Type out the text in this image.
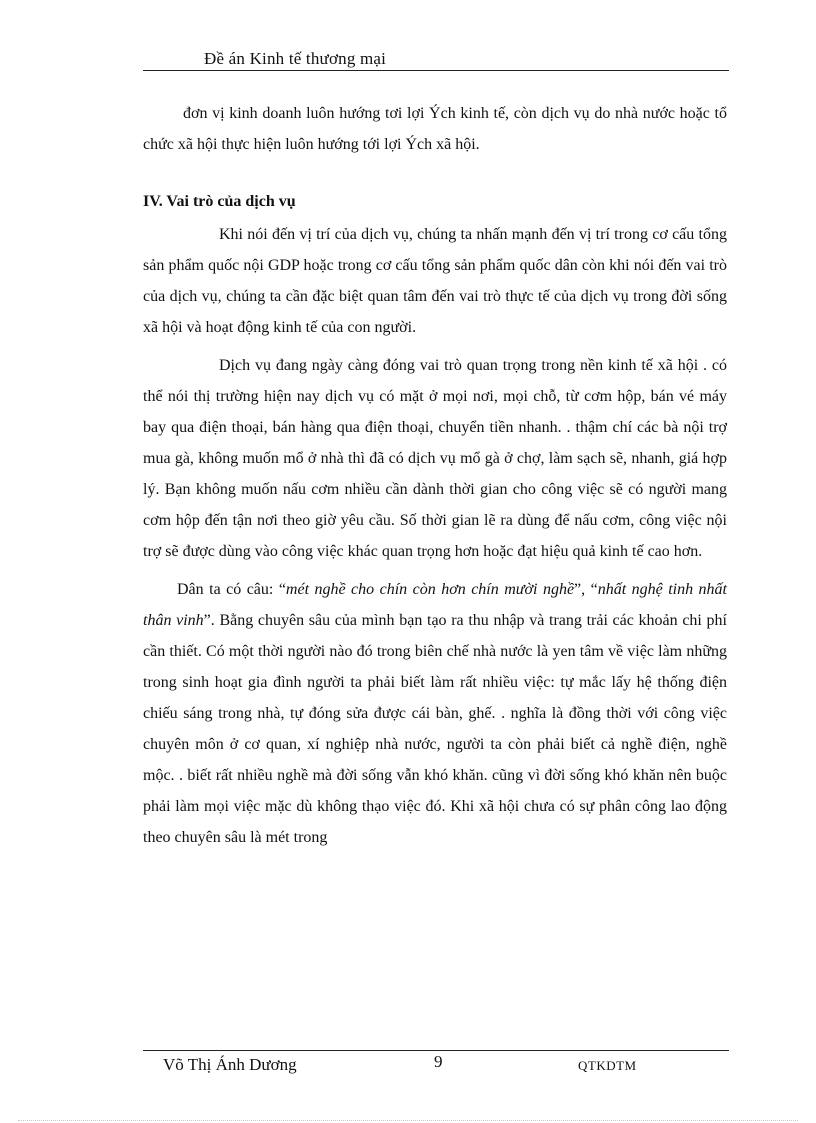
Đề án Kinh tế thương mại

đơn vị kinh doanh luôn hướng tơi lợi Ých kinh tế, còn dịch vụ do nhà nước hoặc tổ chức xã hội thực hiện luôn hướng tới lợi Ých xã hội.

IV. Vai trò của dịch vụ

Khi nói đến vị trí của dịch vụ, chúng ta nhấn mạnh đến vị trí trong cơ cấu tổng sản phẩm quốc nội GDP hoặc trong cơ cấu tổng sản phẩm quốc dân còn khi nói đến vai trò của dịch vụ, chúng ta cần đặc biệt quan tâm đến vai trò thực tế của dịch vụ trong đời sống xã hội và hoạt động kinh tế của con người.

Dịch vụ đang ngày càng đóng vai trò quan trọng trong nền kinh tế xã hội . có thể nói thị trường hiện nay dịch vụ có mặt ở mọi nơi, mọi chỗ, từ cơm hộp, bán vé máy bay qua điện thoại, bán hàng qua điện thoại, chuyển tiền nhanh. . thậm chí các bà nội trợ mua gà, không muốn mổ ở nhà thì đã có dịch vụ mổ gà ở chợ, làm sạch sẽ, nhanh, giá hợp lý. Bạn không muốn nấu cơm nhiều cần dành thời gian cho công việc sẽ có người mang cơm hộp đến tận nơi theo giờ yêu cầu. Số thời gian lẽ ra dùng để nấu cơm, công việc nội trợ sẽ được dùng vào công việc khác quan trọng hơn hoặc đạt hiệu quả kinh tế cao hơn.

Dân ta có câu: “mét nghề cho chín còn hơn chín mười nghề”, “nhất nghệ tinh nhất thân vinh”. Bằng chuyên sâu của mình bạn tạo ra thu nhập và trang trải các khoản chi phí cần thiết. Có một thời người nào đó trong biên chế nhà nước là yen tâm về việc làm những trong sinh hoạt gia đình người ta phải biết làm rất nhiều việc: tự mắc lấy hệ thống điện chiếu sáng trong nhà, tự đóng sửa được cái bàn, ghế. . nghĩa là đồng thời với công việc chuyên môn ở cơ quan, xí nghiệp nhà nước, người ta còn phải biết cả nghề điện, nghề mộc. . biết rất nhiều nghề mà đời sống vẫn khó khăn. cũng vì đời sống khó khăn nên buộc phải làm mọi việc mặc dù không thạo việc đó. Khi xã hội chưa có sự phân công lao động theo chuyên sâu là mét trong

Võ Thị Ánh Dương	9	QTKDTM
